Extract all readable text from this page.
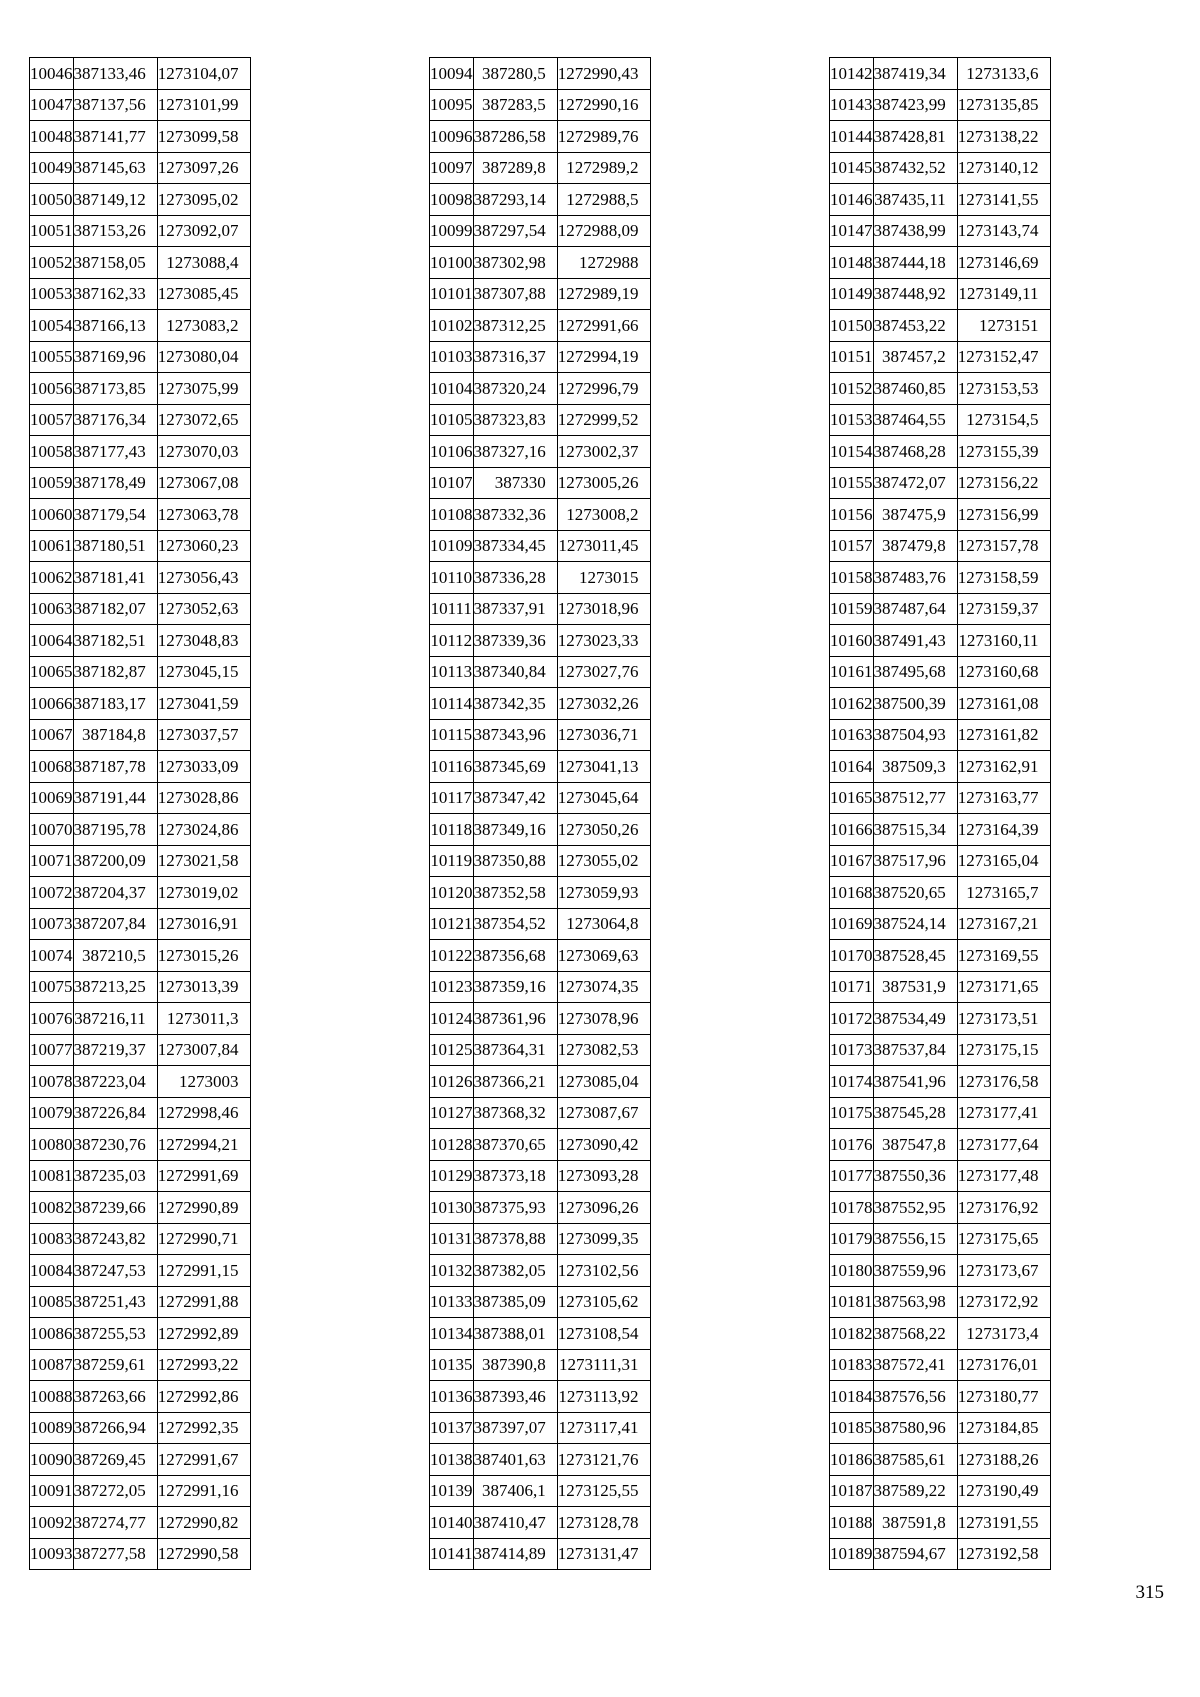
10046	387133,46	1273104,07
10047	387137,56	1273101,99
10048	387141,77	1273099,58
10049	387145,63	1273097,26
10050	387149,12	1273095,02
10051	387153,26	1273092,07
10052	387158,05	1273088,4
10053	387162,33	1273085,45
10054	387166,13	1273083,2
10055	387169,96	1273080,04
10056	387173,85	1273075,99
10057	387176,34	1273072,65
10058	387177,43	1273070,03
10059	387178,49	1273067,08
10060	387179,54	1273063,78
10061	387180,51	1273060,23
10062	387181,41	1273056,43
10063	387182,07	1273052,63
10064	387182,51	1273048,83
10065	387182,87	1273045,15
10066	387183,17	1273041,59
10067	387184,8	1273037,57
10068	387187,78	1273033,09
10069	387191,44	1273028,86
10070	387195,78	1273024,86
10071	387200,09	1273021,58
10072	387204,37	1273019,02
10073	387207,84	1273016,91
10074	387210,5	1273015,26
10075	387213,25	1273013,39
10076	387216,11	1273011,3
10077	387219,37	1273007,84
10078	387223,04	1273003
10079	387226,84	1272998,46
10080	387230,76	1272994,21
10081	387235,03	1272991,69
10082	387239,66	1272990,89
10083	387243,82	1272990,71
10084	387247,53	1272991,15
10085	387251,43	1272991,88
10086	387255,53	1272992,89
10087	387259,61	1272993,22
10088	387263,66	1272992,86
10089	387266,94	1272992,35
10090	387269,45	1272991,67
10091	387272,05	1272991,16
10092	387274,77	1272990,82
10093	387277,58	1272990,58
10094	387280,5	1272990,43
10095	387283,5	1272990,16
10096	387286,58	1272989,76
10097	387289,8	1272989,2
10098	387293,14	1272988,5
10099	387297,54	1272988,09
10100	387302,98	1272988
10101	387307,88	1272989,19
10102	387312,25	1272991,66
10103	387316,37	1272994,19
10104	387320,24	1272996,79
10105	387323,83	1272999,52
10106	387327,16	1273002,37
10107	387330	1273005,26
10108	387332,36	1273008,2
10109	387334,45	1273011,45
10110	387336,28	1273015
10111	387337,91	1273018,96
10112	387339,36	1273023,33
10113	387340,84	1273027,76
10114	387342,35	1273032,26
10115	387343,96	1273036,71
10116	387345,69	1273041,13
10117	387347,42	1273045,64
10118	387349,16	1273050,26
10119	387350,88	1273055,02
10120	387352,58	1273059,93
10121	387354,52	1273064,8
10122	387356,68	1273069,63
10123	387359,16	1273074,35
10124	387361,96	1273078,96
10125	387364,31	1273082,53
10126	387366,21	1273085,04
10127	387368,32	1273087,67
10128	387370,65	1273090,42
10129	387373,18	1273093,28
10130	387375,93	1273096,26
10131	387378,88	1273099,35
10132	387382,05	1273102,56
10133	387385,09	1273105,62
10134	387388,01	1273108,54
10135	387390,8	1273111,31
10136	387393,46	1273113,92
10137	387397,07	1273117,41
10138	387401,63	1273121,76
10139	387406,1	1273125,55
10140	387410,47	1273128,78
10141	387414,89	1273131,47
10142	387419,34	1273133,6
10143	387423,99	1273135,85
10144	387428,81	1273138,22
10145	387432,52	1273140,12
10146	387435,11	1273141,55
10147	387438,99	1273143,74
10148	387444,18	1273146,69
10149	387448,92	1273149,11
10150	387453,22	1273151
10151	387457,2	1273152,47
10152	387460,85	1273153,53
10153	387464,55	1273154,5
10154	387468,28	1273155,39
10155	387472,07	1273156,22
10156	387475,9	1273156,99
10157	387479,8	1273157,78
10158	387483,76	1273158,59
10159	387487,64	1273159,37
10160	387491,43	1273160,11
10161	387495,68	1273160,68
10162	387500,39	1273161,08
10163	387504,93	1273161,82
10164	387509,3	1273162,91
10165	387512,77	1273163,77
10166	387515,34	1273164,39
10167	387517,96	1273165,04
10168	387520,65	1273165,7
10169	387524,14	1273167,21
10170	387528,45	1273169,55
10171	387531,9	1273171,65
10172	387534,49	1273173,51
10173	387537,84	1273175,15
10174	387541,96	1273176,58
10175	387545,28	1273177,41
10176	387547,8	1273177,64
10177	387550,36	1273177,48
10178	387552,95	1273176,92
10179	387556,15	1273175,65
10180	387559,96	1273173,67
10181	387563,98	1273172,92
10182	387568,22	1273173,4
10183	387572,41	1273176,01
10184	387576,56	1273180,77
10185	387580,96	1273184,85
10186	387585,61	1273188,26
10187	387589,22	1273190,49
10188	387591,8	1273191,55
10189	387594,67	1273192,58
315
